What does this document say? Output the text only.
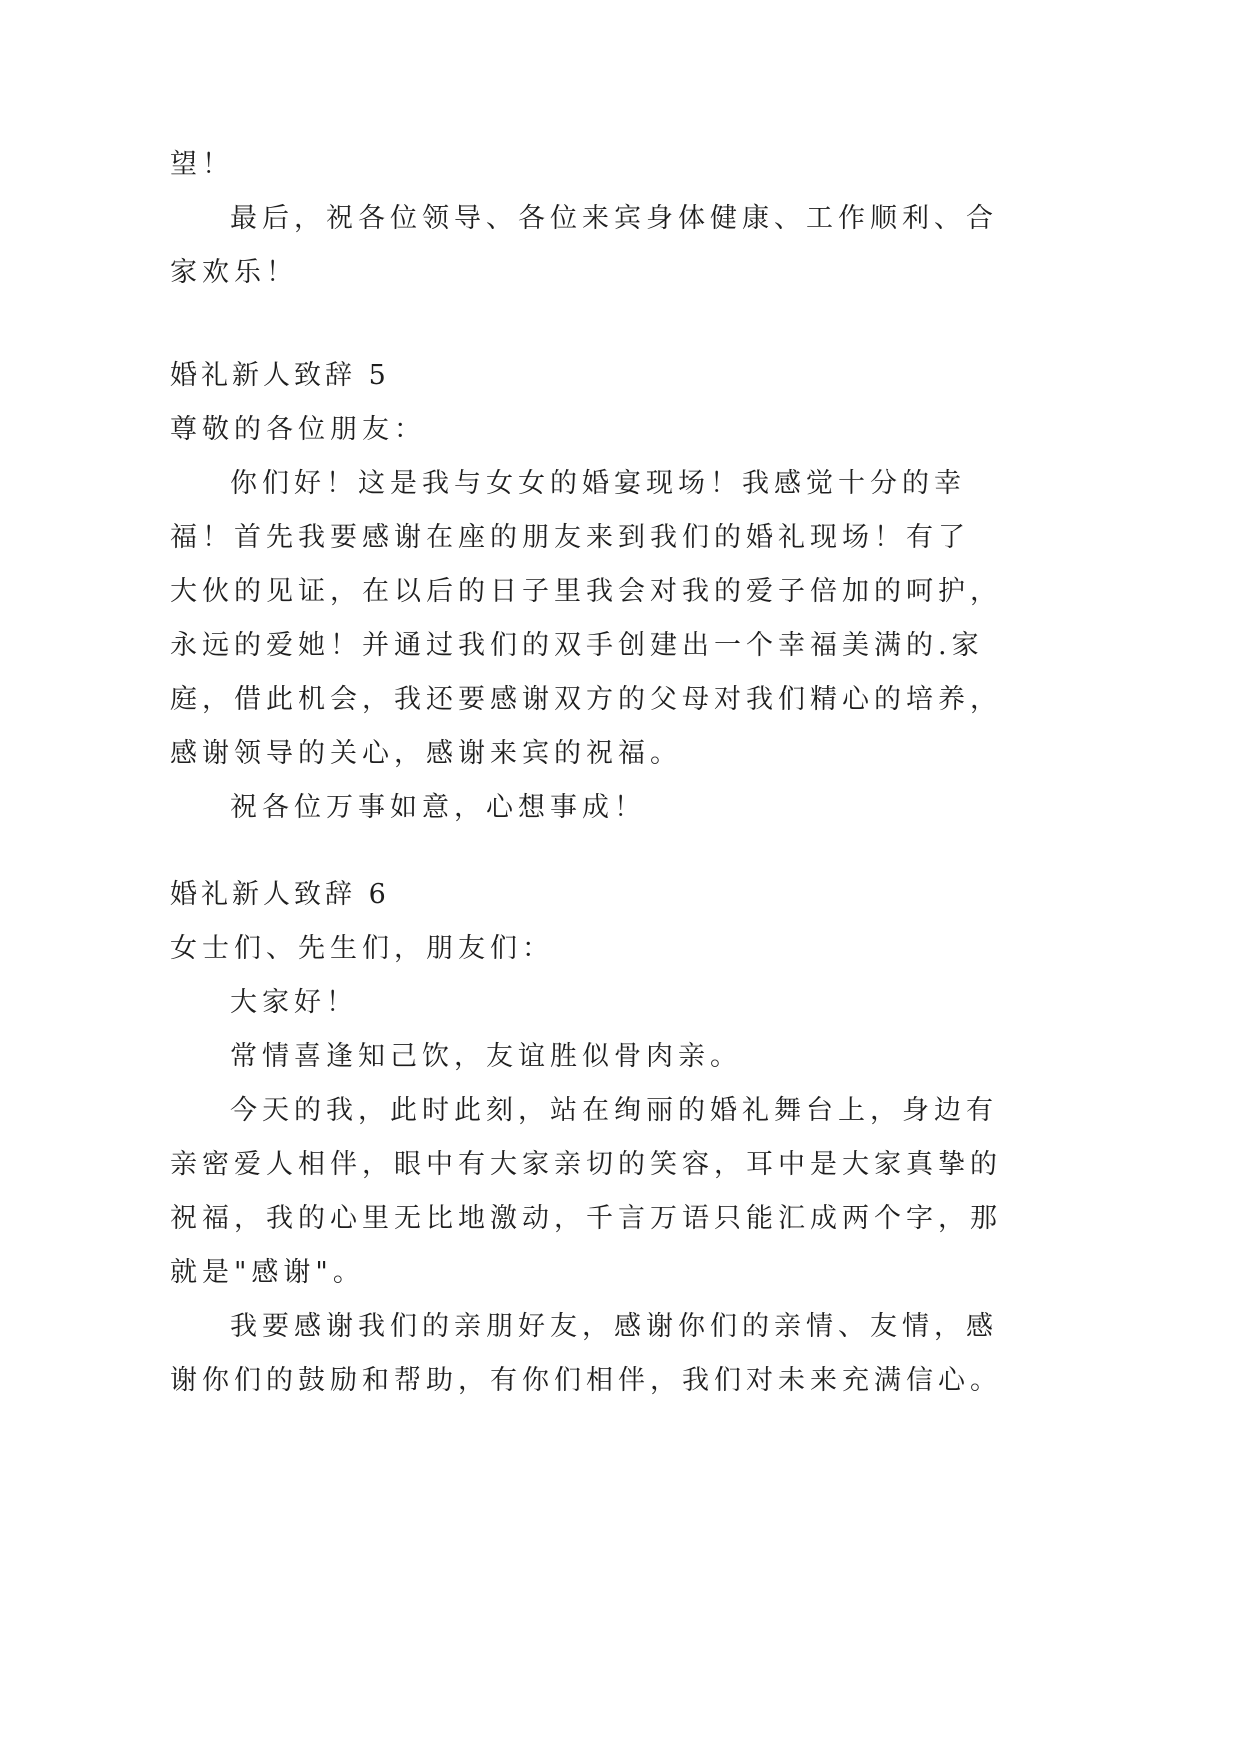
望！
最后，祝各位领导、各位来宾身体健康、工作顺利、合
家欢乐！
婚礼新人致辞 5
尊敬的各位朋友：
你们好！这是我与女女的婚宴现场！我感觉十分的幸
福！首先我要感谢在座的朋友来到我们的婚礼现场！有了
大伙的见证，在以后的日子里我会对我的爱子倍加的呵护，
永远的爱她！并通过我们的双手创建出一个幸福美满的.家
庭，借此机会，我还要感谢双方的父母对我们精心的培养，
感谢领导的关心，感谢来宾的祝福。
祝各位万事如意，心想事成！
婚礼新人致辞 6
女士们、先生们，朋友们：
大家好！
常情喜逢知己饮，友谊胜似骨肉亲。
今天的我，此时此刻，站在绚丽的婚礼舞台上，身边有
亲密爱人相伴，眼中有大家亲切的笑容，耳中是大家真挚的
祝福，我的心里无比地激动，千言万语只能汇成两个字，那
就是"感谢"。
我要感谢我们的亲朋好友，感谢你们的亲情、友情，感
谢你们的鼓励和帮助，有你们相伴，我们对未来充满信心。
